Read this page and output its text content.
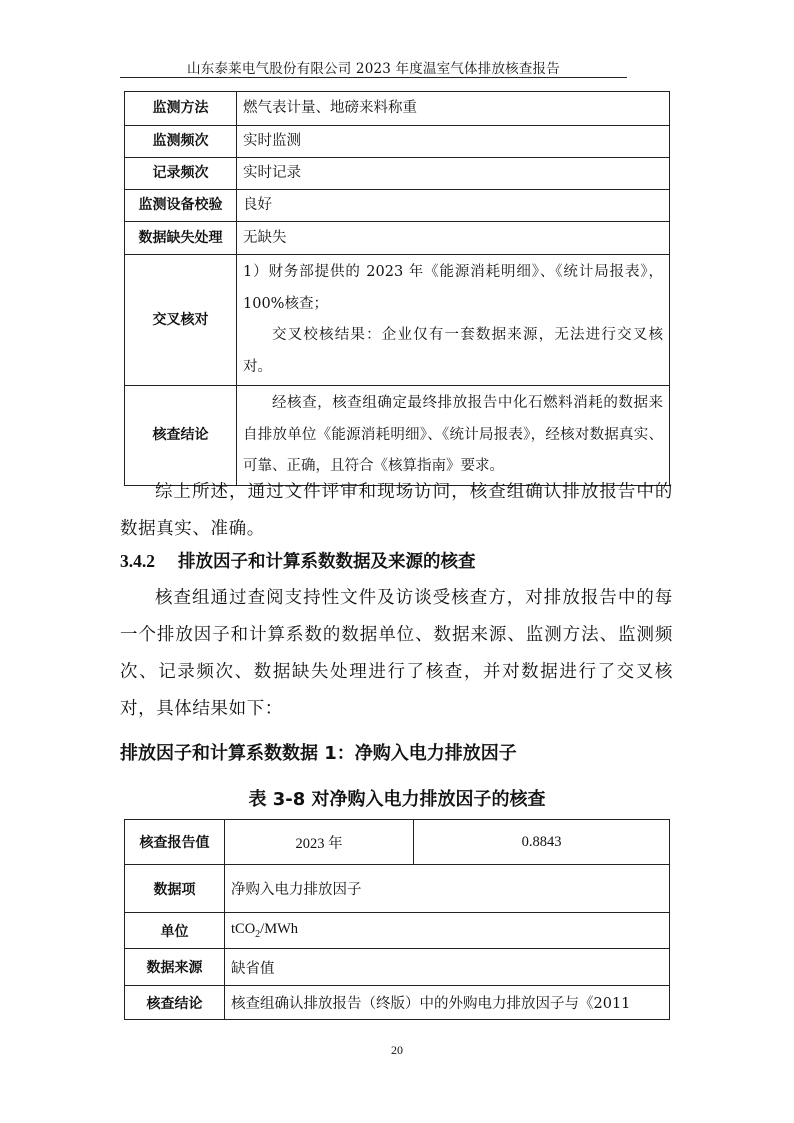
山东泰莱电气股份有限公司 2023 年度温室气体排放核查报告
监测方法	燃气表计量、地磅来料称重
监测频次	实时监测
记录频次	实时记录
监测设备校验	良好
数据缺失处理	无缺失
交叉核对	1）财务部提供的 2023 年《能源消耗明细》、《统计局报表》，100%核查；
交叉校核结果：企业仅有一套数据来源，无法进行交叉核对。

核查结论	经核查，核查组确定最终排放报告中化石燃料消耗的数据来自排放单位《能源消耗明细》、《统计局报表》，经核对数据真实、可靠、正确，且符合《核算指南》要求。
综上所述，通过文件评审和现场访问，核查组确认排放报告中的数据真实、准确。
3.4.2 排放因子和计算系数数据及来源的核查
核查组通过查阅支持性文件及访谈受核查方，对排放报告中的每一个排放因子和计算系数的数据单位、数据来源、监测方法、监测频次、记录频次、数据缺失处理进行了核查，并对数据进行了交叉核对，具体结果如下：
排放因子和计算系数数据 1：净购入电力排放因子
表 3-8 对净购入电力排放因子的核查
核查报告值	2023 年	0.8843
数据项	净购入电力排放因子	
单位	tCO$_2$/MWh	
数据来源	缺省值	
核查结论	核查组确认排放报告（终版）中的外购电力排放因子与《2011	
20
